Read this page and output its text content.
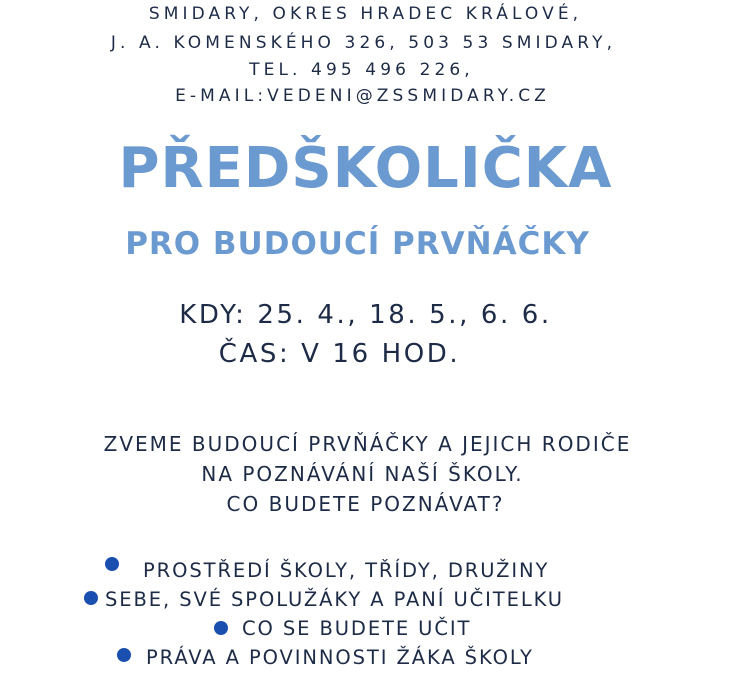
SMIDARY, OKRES HRADEC KRÁLOVÉ,
J. A. KOMENSKÉHO 326, 503 53 SMIDARY,
TEL. 495 496 226,
E-MAIL:VEDENI@ZSSMIDARY.CZ
PŘEDŠKOLIČKA
PRO BUDOUCÍ PRVŇÁČKY
KDY: 25. 4., 18. 5., 6. 6.
ČAS: V 16 HOD.
ZVEME BUDOUCÍ PRVŇÁČKY A JEJICH RODIČE
NA POZNÁVÁNÍ NAŠÍ ŠKOLY.
CO BUDETE POZNÁVAT?
PROSTŘEDÍ ŠKOLY, TŘÍDY, DRUŽINY
SEBE, SVÉ SPOLUŽÁKY A PANÍ UČITELKU
CO SE BUDETE UČIT
PRÁVA A POVINNOSTI ŽÁKA ŠKOLY
